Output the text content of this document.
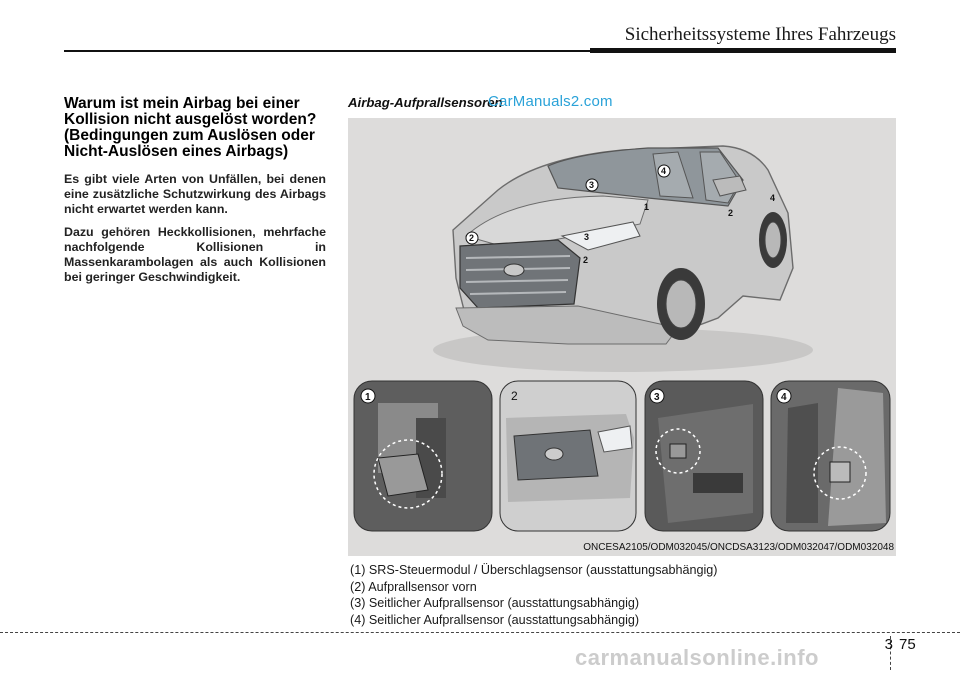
Sicherheitssysteme Ihres Fahrzeugs
Warum ist mein Airbag bei einer Kollision nicht ausgelöst worden? (Bedingungen zum Auslösen oder Nicht-Auslösen eines Airbags)

Es gibt viele Arten von Unfällen, bei denen eine zusätzliche Schutzwirkung des Airbags nicht erwartet werden kann.

Dazu gehören Heckkollisionen, mehrfache nachfolgende Kollisionen in Massenkarambolagen als auch Kollisionen bei geringer Geschwindigkeit.

Airbag-Aufprallsensoren
CarManuals2.com
2
3
4
1
2
2
4
3
1	2	3	4
ONCESA2105/ODM032045/ONCDSA3123/ODM032047/ODM032048
(1) SRS-Steuermodul / Überschlagsensor (ausstattungsabhängig)
(2) Aufprallsensor vorn
(3) Seitlicher Aufprallsensor (ausstattungsabhängig)
(4) Seitlicher Aufprallsensor (ausstattungsabhängig)
3 75
carmanualsonline.info
